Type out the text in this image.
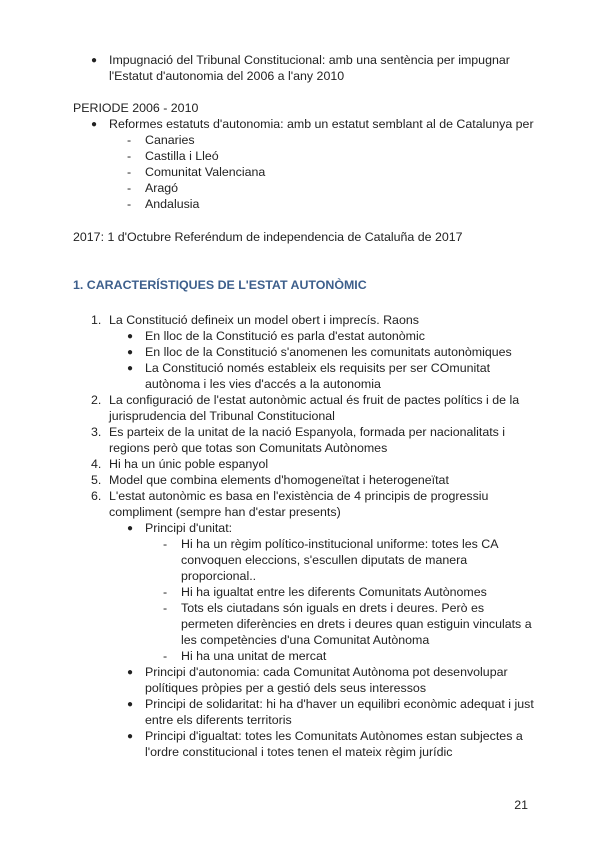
● Impugnació del Tribunal Constitucional: amb una sentència per impugnar
l'Estatut d'autonomia del 2006 a l'any 2010
PERIODE 2006 - 2010
● Reformes estatuts d'autonomia: amb un estatut semblant al de Catalunya per
- Canaries
- Castilla i Lleó
- Comunitat Valenciana
- Aragó
- Andalusia
2017: 1 d'Octubre Referéndum de independencia de Cataluña de 2017
1. CARACTERÍSTIQUES DE L'ESTAT AUTONÒMIC
1. La Constitució defineix un model obert i imprecís. Raons
● En lloc de la Constitució es parla d'estat autonòmic
● En lloc de la Constitució s'anomenen les comunitats autonòmiques
● La Constitució només estableix els requisits per ser COmunitat
autònoma i les vies d'accés a la autonomia
2. La configuració de l'estat autonòmic actual és fruit de pactes polítics i de la
jurisprudencia del Tribunal Constitucional
3. Es parteix de la unitat de la nació Espanyola, formada per nacionalitats i
regions però que totas son Comunitats Autònomes
4. Hi ha un únic poble espanyol
5. Model que combina elements d'homogeneïtat i heterogeneïtat
6. L'estat autonòmic es basa en l'existència de 4 principis de progressiu
compliment (sempre han d'estar presents)
● Principi d'unitat:
- Hi ha un règim político-institucional uniforme: totes les CA
convoquen eleccions, s'escullen diputats de manera
proporcional..
- Hi ha igualtat entre les diferents Comunitats Autònomes
- Tots els ciutadans són iguals en drets i deures. Però es
permeten diferències en drets i deures quan estiguin vinculats a
les competències d'una Comunitat Autònoma
- Hi ha una unitat de mercat
● Principi d'autonomia: cada Comunitat Autònoma pot desenvolupar
polítiques pròpies per a gestió dels seus interessos
● Principi de solidaritat: hi ha d'haver un equilibri econòmic adequat i just
entre els diferents territoris
● Principi d'igualtat: totes les Comunitats Autònomes estan subjectes a
l'ordre constitucional i totes tenen el mateix règim jurídic
21
